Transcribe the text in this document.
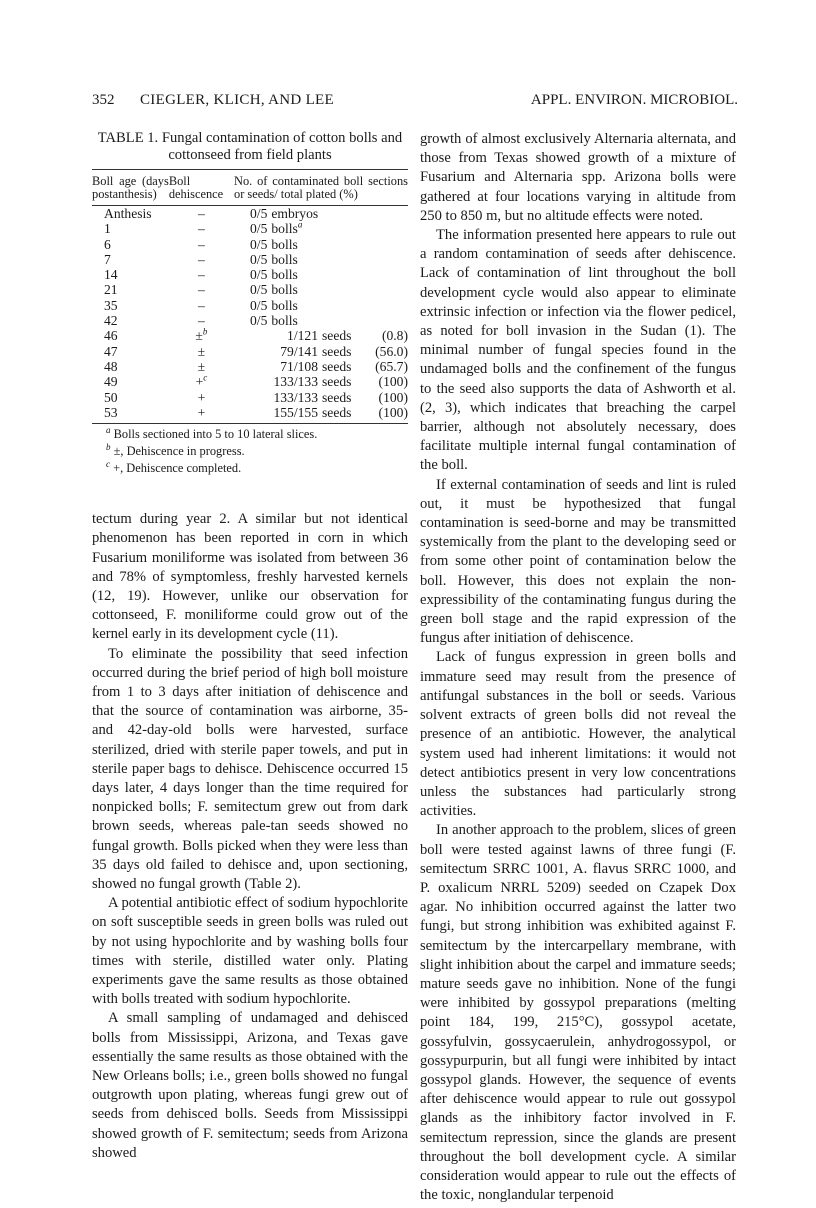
352 CIEGLER, KLICH, AND LEE	APPL. ENVIRON. MICROBIOL.
TABLE 1. Fungal contamination of cotton bolls and cottonseed from field plants
Boll age (days postanthesis)	Boll dehiscence	No. of contaminated boll sections or seeds/ total plated (%)
Anthesis	–	0/5 embryos
1	–	0/5 bolls$^a$
6	–	0/5 bolls
7	–	0/5 bolls
14	–	0/5 bolls
21	–	0/5 bolls
35	–	0/5 bolls
42	–	0/5 bolls
46	±$^b$	1/121 seeds (0.8)
47	±	79/141 seeds (56.0)
48	±	71/108 seeds (65.7)
49	+$^c$	133/133 seeds (100)
50	+	133/133 seeds (100)
53	+	155/155 seeds (100)
$^a$ Bolls sectioned into 5 to 10 lateral slices.
$^b$ ±, Dehiscence in progress.
$^c$ +, Dehiscence completed.

tectum during year 2. A similar but not identical phenomenon has been reported in corn in which Fusarium moniliforme was isolated from between 36 and 78% of symptomless, freshly harvested kernels (12, 19). However, unlike our observation for cottonseed, F. moniliforme could grow out of the kernel early in its development cycle (11).

To eliminate the possibility that seed infection occurred during the brief period of high boll moisture from 1 to 3 days after initiation of dehiscence and that the source of contamination was airborne, 35- and 42-day-old bolls were harvested, surface sterilized, dried with sterile paper towels, and put in sterile paper bags to dehisce. Dehiscence occurred 15 days later, 4 days longer than the time required for nonpicked bolls; F. semitectum grew out from dark brown seeds, whereas pale-tan seeds showed no fungal growth. Bolls picked when they were less than 35 days old failed to dehisce and, upon sectioning, showed no fungal growth (Table 2).

A potential antibiotic effect of sodium hypochlorite on soft susceptible seeds in green bolls was ruled out by not using hypochlorite and by washing bolls four times with sterile, distilled water only. Plating experiments gave the same results as those obtained with bolls treated with sodium hypochlorite.

A small sampling of undamaged and dehisced bolls from Mississippi, Arizona, and Texas gave essentially the same results as those obtained with the New Orleans bolls; i.e., green bolls showed no fungal outgrowth upon plating, whereas fungi grew out of seeds from dehisced bolls. Seeds from Mississippi showed growth of F. semitectum; seeds from Arizona showed

growth of almost exclusively Alternaria alternata, and those from Texas showed growth of a mixture of Fusarium and Alternaria spp. Arizona bolls were gathered at four locations varying in altitude from 250 to 850 m, but no altitude effects were noted.

The information presented here appears to rule out a random contamination of seeds after dehiscence. Lack of contamination of lint throughout the boll development cycle would also appear to eliminate extrinsic infection or infection via the flower pedicel, as noted for boll invasion in the Sudan (1). The minimal number of fungal species found in the undamaged bolls and the confinement of the fungus to the seed also supports the data of Ashworth et al. (2, 3), which indicates that breaching the carpel barrier, although not absolutely necessary, does facilitate multiple internal fungal contamination of the boll.

If external contamination of seeds and lint is ruled out, it must be hypothesized that fungal contamination is seed-borne and may be transmitted systemically from the plant to the developing seed or from some other point of contamination below the boll. However, this does not explain the non-expressibility of the contaminating fungus during the green boll stage and the rapid expression of the fungus after initiation of dehiscence.

Lack of fungus expression in green bolls and immature seed may result from the presence of antifungal substances in the boll or seeds. Various solvent extracts of green bolls did not reveal the presence of an antibiotic. However, the analytical system used had inherent limitations: it would not detect antibiotics present in very low concentrations unless the substances had particularly strong activities.

In another approach to the problem, slices of green boll were tested against lawns of three fungi (F. semitectum SRRC 1001, A. flavus SRRC 1000, and P. oxalicum NRRL 5209) seeded on Czapek Dox agar. No inhibition occurred against the latter two fungi, but strong inhibition was exhibited against F. semitectum by the intercarpellary membrane, with slight inhibition about the carpel and immature seeds; mature seeds gave no inhibition. None of the fungi were inhibited by gossypol preparations (melting point 184, 199, 215°C), gossypol acetate, gossyfulvin, gossycaerulein, anhydrogossypol, or gossypurpurin, but all fungi were inhibited by intact gossypol glands. However, the sequence of events after dehiscence would appear to rule out gossypol glands as the inhibitory factor involved in F. semitectum repression, since the glands are present throughout the boll development cycle. A similar consideration would appear to rule out the effects of the toxic, nonglandular terpenoid
